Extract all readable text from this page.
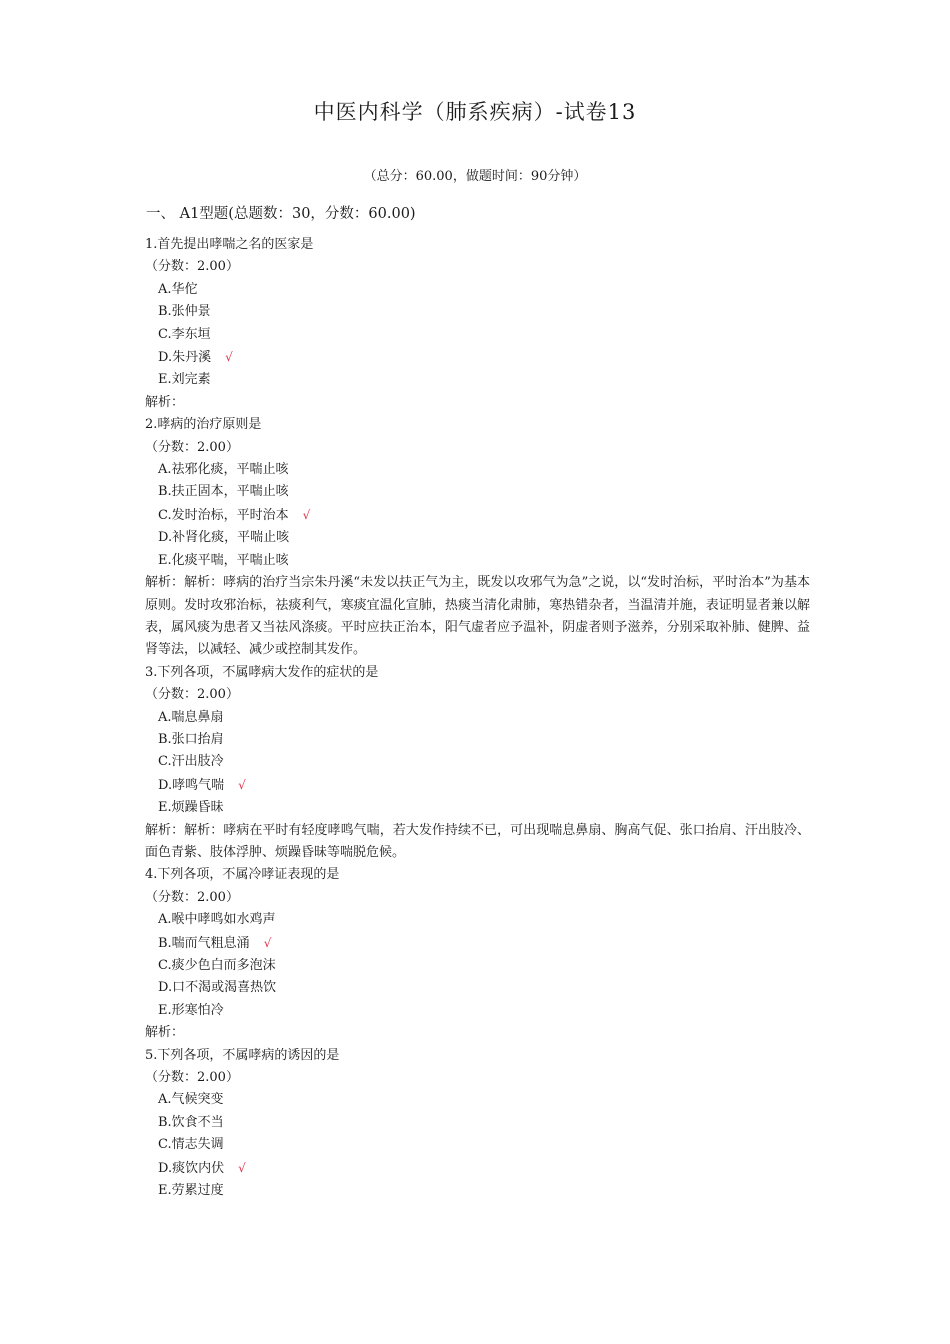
中医内科学（肺系疾病）-试卷13
（总分：60.00，做题时间：90分钟）
一、 A1型题(总题数：30，分数：60.00)
1.首先提出哮喘之名的医家是
（分数：2.00）
A.华佗
B.张仲景
C.李东垣
D.朱丹溪 √
E.刘完素
解析：
2.哮病的治疗原则是
（分数：2.00）
A.祛邪化痰，平喘止咳
B.扶正固本，平喘止咳
C.发时治标，平时治本 √
D.补肾化痰，平喘止咳
E.化痰平喘，平喘止咳
解析：解析：哮病的治疗当宗朱丹溪“未发以扶正气为主，既发以攻邪气为急”之说，以“发时治标，平时治本”为基本原则。发时攻邪治标，祛痰利气，寒痰宜温化宣肺，热痰当清化肃肺，寒热错杂者，当温清并施，表证明显者兼以解表，属风痰为患者又当祛风涤痰。平时应扶正治本，阳气虚者应予温补，阴虚者则予滋养，分别采取补肺、健脾、益肾等法，以减轻、减少或控制其发作。
3.下列各项，不属哮病大发作的症状的是
（分数：2.00）
A.喘息鼻扇
B.张口抬肩
C.汗出肢冷
D.哮鸣气喘 √
E.烦躁昏昧
解析：解析：哮病在平时有轻度哮鸣气喘，若大发作持续不已，可出现喘息鼻扇、胸高气促、张口抬肩、汗出肢冷、面色青紫、肢体浮肿、烦躁昏昧等喘脱危候。
4.下列各项，不属冷哮证表现的是
（分数：2.00）
A.喉中哮鸣如水鸡声
B.喘而气粗息涌 √
C.痰少色白而多泡沫
D.口不渴或渴喜热饮
E.形寒怕冷
解析：
5.下列各项，不属哮病的诱因的是
（分数：2.00）
A.气候突变
B.饮食不当
C.情志失调
D.痰饮内伏 √
E.劳累过度
